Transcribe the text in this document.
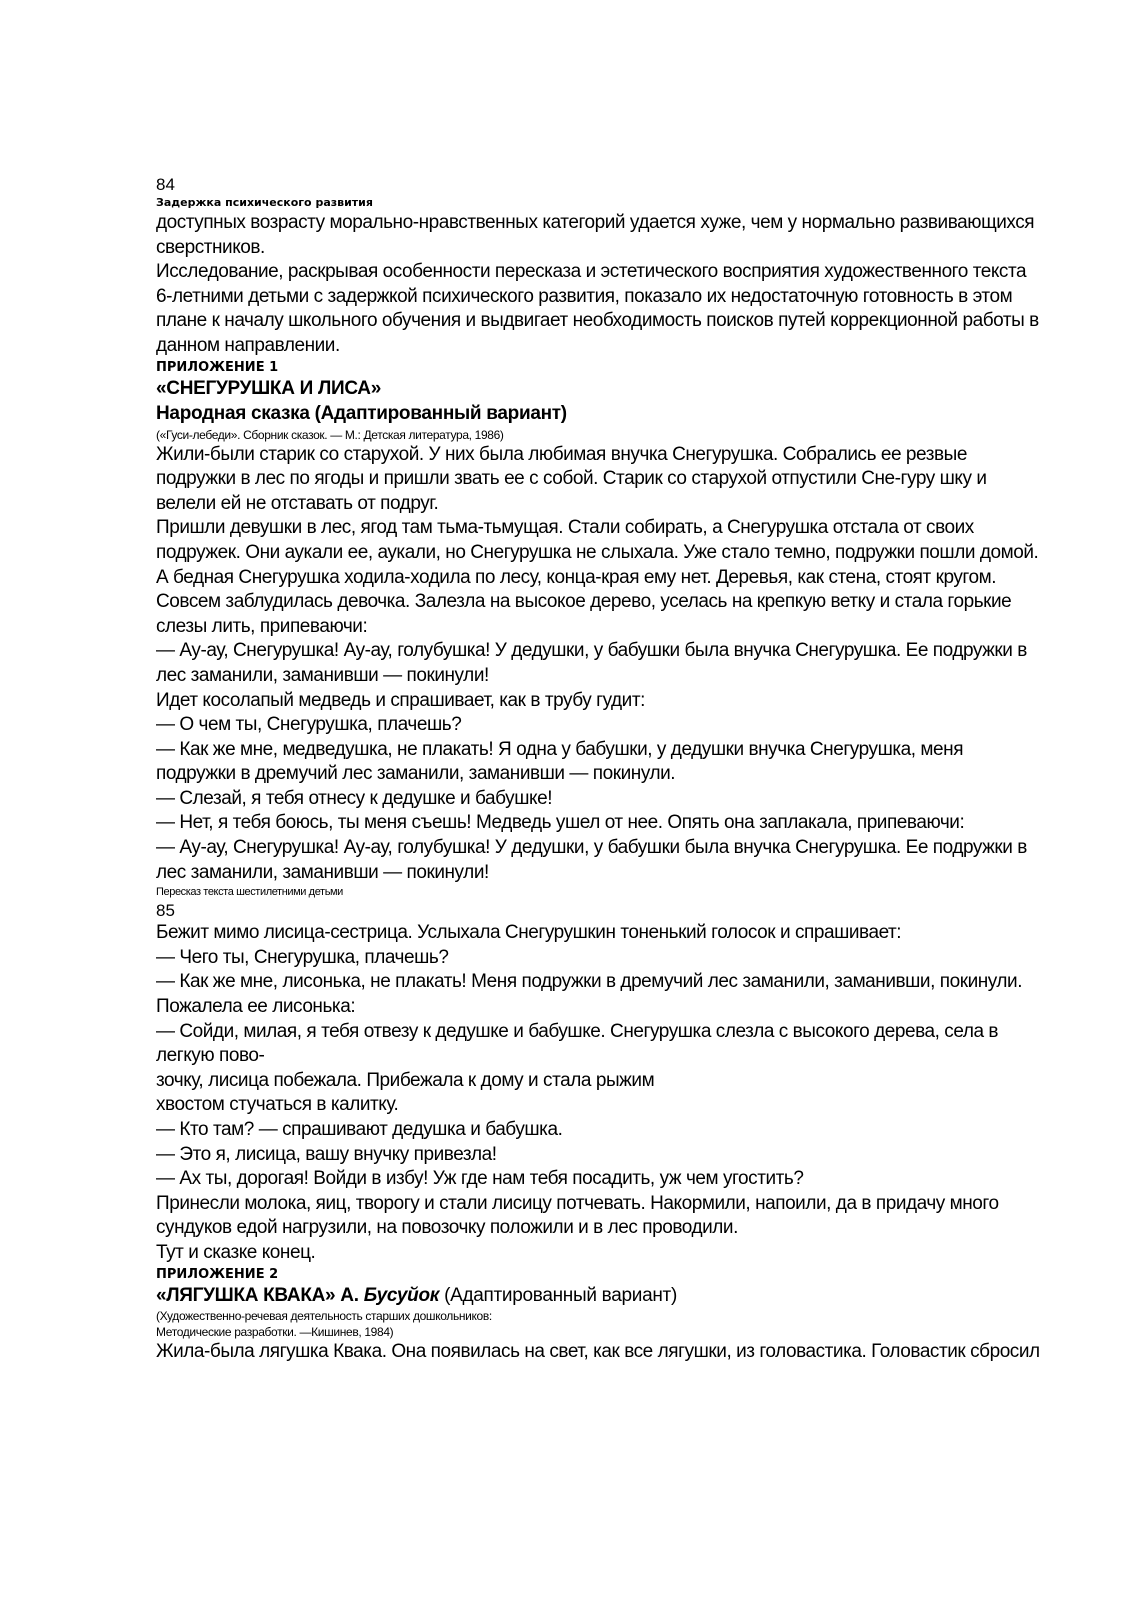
84
Задержка психического развития
доступных возрасту морально-нравственных категорий удается хуже, чем у нормально развивающихся
сверстников.
Исследование, раскрывая особенности пересказа и эстетического восприятия художественного текста
6-летними детьми с задержкой психического развития, показало их недостаточную готовность в этом
плане к началу школьного обучения и выдвигает необходимость поисков путей коррекционной работы в
данном направлении.
ПРИЛОЖЕНИЕ 1
«СНЕГУРУШКА И ЛИСА»
Народная сказка (Адаптированный вариант)
(«Гуси-лебеди». Сборник сказок. — М.: Детская литература, 1986)
Жили-были старик со старухой. У них была любимая внучка Снегурушка. Собрались ее резвые
подружки в лес по ягоды и пришли звать ее с собой. Старик со старухой отпустили Сне-гуру шку и
велели ей не отставать от подруг.
Пришли девушки в лес, ягод там тьма-тьмущая. Стали собирать, а Снегурушка отстала от своих
подружек. Они аукали ее, аукали, но Снегурушка не слыхала. Уже стало темно, подружки пошли домой.
А бедная Снегурушка ходила-ходила по лесу, конца-края ему нет. Деревья, как стена, стоят кругом.
Совсем заблудилась девочка. Залезла на высокое дерево, уселась на крепкую ветку и стала горькие
слезы лить, припеваючи:
— Ау-ау, Снегурушка! Ау-ау, голубушка! У дедушки, у бабушки была внучка Снегурушка. Ее подружки в
лес заманили, заманивши — покинули!
Идет косолапый медведь и спрашивает, как в трубу гудит:
— О чем ты, Снегурушка, плачешь?
— Как же мне, медведушка, не плакать! Я одна у бабушки, у дедушки внучка Снегурушка, меня
подружки в дремучий лес заманили, заманивши — покинули.
— Слезай, я тебя отнесу к дедушке и бабушке!
— Нет, я тебя боюсь, ты меня съешь! Медведь ушел от нее. Опять она заплакала, припеваючи:
— Ау-ау, Снегурушка! Ау-ау, голубушка! У дедушки, у бабушки была внучка Снегурушка. Ее подружки в
лес заманили, заманивши — покинули!
Пересказ текста шестилетними детьми
85
Бежит мимо лисица-сестрица. Услыхала Снегурушкин тоненький голосок и спрашивает:
— Чего ты, Снегурушка, плачешь?
— Как же мне, лисонька, не плакать! Меня подружки в дремучий лес заманили, заманивши, покинули.
Пожалела ее лисонька:
— Сойди, милая, я тебя отвезу к дедушке и бабушке. Снегурушка слезла с высокого дерева, села в
легкую пово-
зочку, лисица побежала. Прибежала к дому и стала рыжим
хвостом стучаться в калитку.
— Кто там? — спрашивают дедушка и бабушка.
— Это я, лисица, вашу внучку привезла!
— Ах ты, дорогая! Войди в избу! Уж где нам тебя посадить, уж чем угостить?
Принесли молока, яиц, творогу и стали лисицу потчевать. Накормили, напоили, да в придачу много
сундуков едой нагрузили, на повозочку положили и в лес проводили.
Тут и сказке конец.
ПРИЛОЖЕНИЕ 2
«ЛЯГУШКА КВАКА» А. Бусуйок (Адаптированный вариант)
(Художественно-речевая деятельность старших дошкольников:
Методические разработки. —Кишинев, 1984)
Жила-была лягушка Квака. Она появилась на свет, как все лягушки, из головастика. Головастик сбросил
